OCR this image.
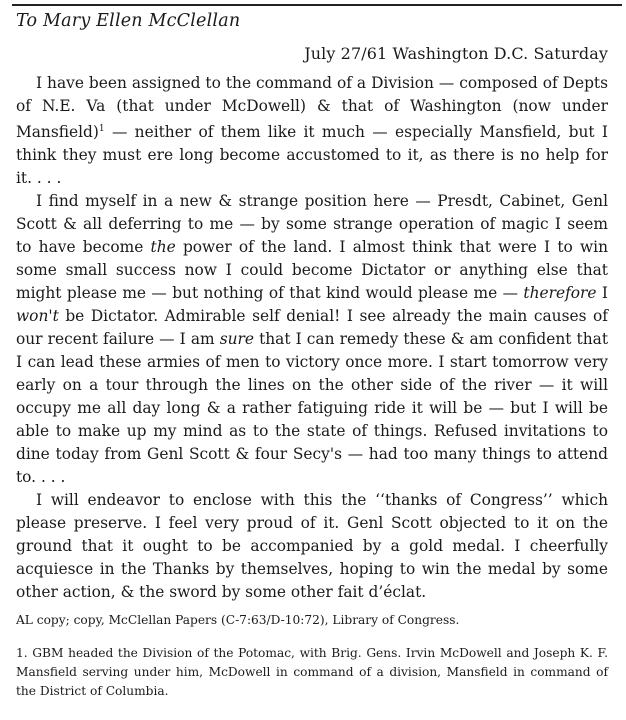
To Mary Ellen McClellan
July 27/61 Washington D.C. Saturday

I have been assigned to the command of a Division — composed of Depts of N.E. Va (that under McDowell) & that of Washington (now under Mansfield)$^1$ — neither of them like it much — especially Mansfield, but I think they must ere long become accustomed to it, as there is no help for it. . . .

I find myself in a new & strange position here — Presdt, Cabinet, Genl Scott & all deferring to me — by some strange operation of magic I seem to have become the power of the land. I almost think that were I to win some small success now I could become Dictator or anything else that might please me — but nothing of that kind would please me — therefore I won't be Dictator. Admirable self denial! I see already the main causes of our recent failure — I am sure that I can remedy these & am confident that I can lead these armies of men to victory once more. I start tomorrow very early on a tour through the lines on the other side of the river — it will occupy me all day long & a rather fatiguing ride it will be — but I will be able to make up my mind as to the state of things. Refused invitations to dine today from Genl Scott & four Secy's — had too many things to attend to. . . .

I will endeavor to enclose with this the ‘‘thanks of Congress’’ which please preserve. I feel very proud of it. Genl Scott objected to it on the ground that it ought to be accompanied by a gold medal. I cheerfully acquiesce in the Thanks by themselves, hoping to win the medal by some other action, & the sword by some other fait d’éclat.

AL copy; copy, McClellan Papers (C-7:63/D-10:72), Library of Congress.
1. GBM headed the Division of the Potomac, with Brig. Gens. Irvin McDowell and Joseph K. F. Mansfield serving under him, McDowell in command of a division, Mansfield in command of the District of Columbia.
